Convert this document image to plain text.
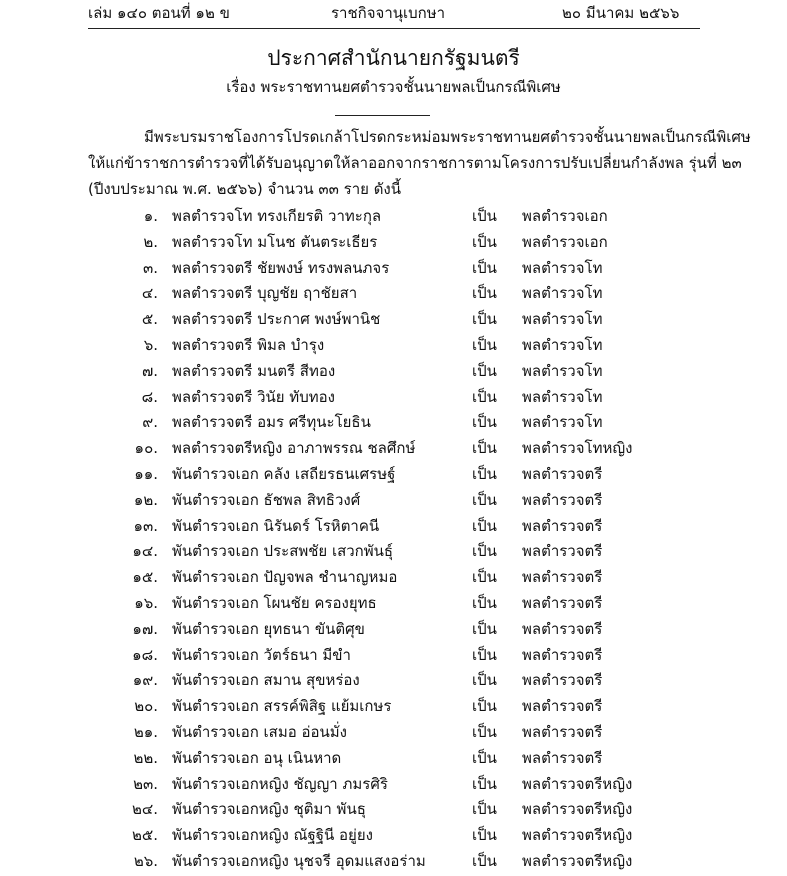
เล่ม ๑๔๐ ตอนที่ ๑๒ ข	ราชกิจจานุเบกษา	๒๐ มีนาคม ๒๕๖๖
ประกาศสำนักนายกรัฐมนตรี
เรื่อง พระราชทานยศตำรวจชั้นนายพลเป็นกรณีพิเศษ
มีพระบรมราชโองการโปรดเกล้าโปรดกระหม่อมพระราชทานยศตำรวจชั้นนายพลเป็นกรณีพิเศษ
ให้แก่ข้าราชการตำรวจที่ได้รับอนุญาตให้ลาออกจากราชการตามโครงการปรับเปลี่ยนกำลังพล รุ่นที่ ๒๓
(ปีงบประมาณ พ.ศ. ๒๕๖๖) จำนวน ๓๓ ราย ดังนี้
๑. พลตำรวจโท ทรงเกียรติ วาทะกุล	เป็น พลตำรวจเอก
๒. พลตำรวจโท มโนช ตันตระเธียร	เป็น พลตำรวจเอก
๓. พลตำรวจตรี ชัยพงษ์ ทรงพลนภจร	เป็น พลตำรวจโท
๔. พลตำรวจตรี บุญชัย ฤาชัยสา	เป็น พลตำรวจโท
๕. พลตำรวจตรี ประกาศ พงษ์พานิช	เป็น พลตำรวจโท
๖. พลตำรวจตรี พิมล บำรุง	เป็น พลตำรวจโท
๗. พลตำรวจตรี มนตรี สีทอง	เป็น พลตำรวจโท
๘. พลตำรวจตรี วินัย ทับทอง	เป็น พลตำรวจโท
๙. พลตำรวจตรี อมร ศรีทุนะโยธิน	เป็น พลตำรวจโท
๑๐. พลตำรวจตรีหญิง อาภาพรรณ ชลศึกษ์	เป็น พลตำรวจโทหญิง
๑๑. พันตำรวจเอก คลัง เสถียรธนเศรษฐ์	เป็น พลตำรวจตรี
๑๒. พันตำรวจเอก ธัชพล สิทธิวงศ์	เป็น พลตำรวจตรี
๑๓. พันตำรวจเอก นิรันดร์ โรหิตาคนี	เป็น พลตำรวจตรี
๑๔. พันตำรวจเอก ประสพชัย เสวกพันธุ์	เป็น พลตำรวจตรี
๑๕. พันตำรวจเอก ปัญจพล ชำนาญหมอ	เป็น พลตำรวจตรี
๑๖. พันตำรวจเอก โผนชัย ครองยุทธ	เป็น พลตำรวจตรี
๑๗. พันตำรวจเอก ยุทธนา ขันติศุข	เป็น พลตำรวจตรี
๑๘. พันตำรวจเอก วัตร์ธนา มีขำ	เป็น พลตำรวจตรี
๑๙. พันตำรวจเอก สมาน สุขหร่อง	เป็น พลตำรวจตรี
๒๐. พันตำรวจเอก สรรค์พิสิฐ แย้มเกษร	เป็น พลตำรวจตรี
๒๑. พันตำรวจเอก เสมอ อ่อนมั่ง	เป็น พลตำรวจตรี
๒๒. พันตำรวจเอก อนุ เนินหาด	เป็น พลตำรวจตรี
๒๓. พันตำรวจเอกหญิง ชัญญา ภมรศิริ	เป็น พลตำรวจตรีหญิง
๒๔. พันตำรวจเอกหญิง ชุติมา พันธุ	เป็น พลตำรวจตรีหญิง
๒๕. พันตำรวจเอกหญิง ณัฐฐินี อยู่ยง	เป็น พลตำรวจตรีหญิง
๒๖. พันตำรวจเอกหญิง นุชจรี อุดมแสงอร่าม	เป็น พลตำรวจตรีหญิง
